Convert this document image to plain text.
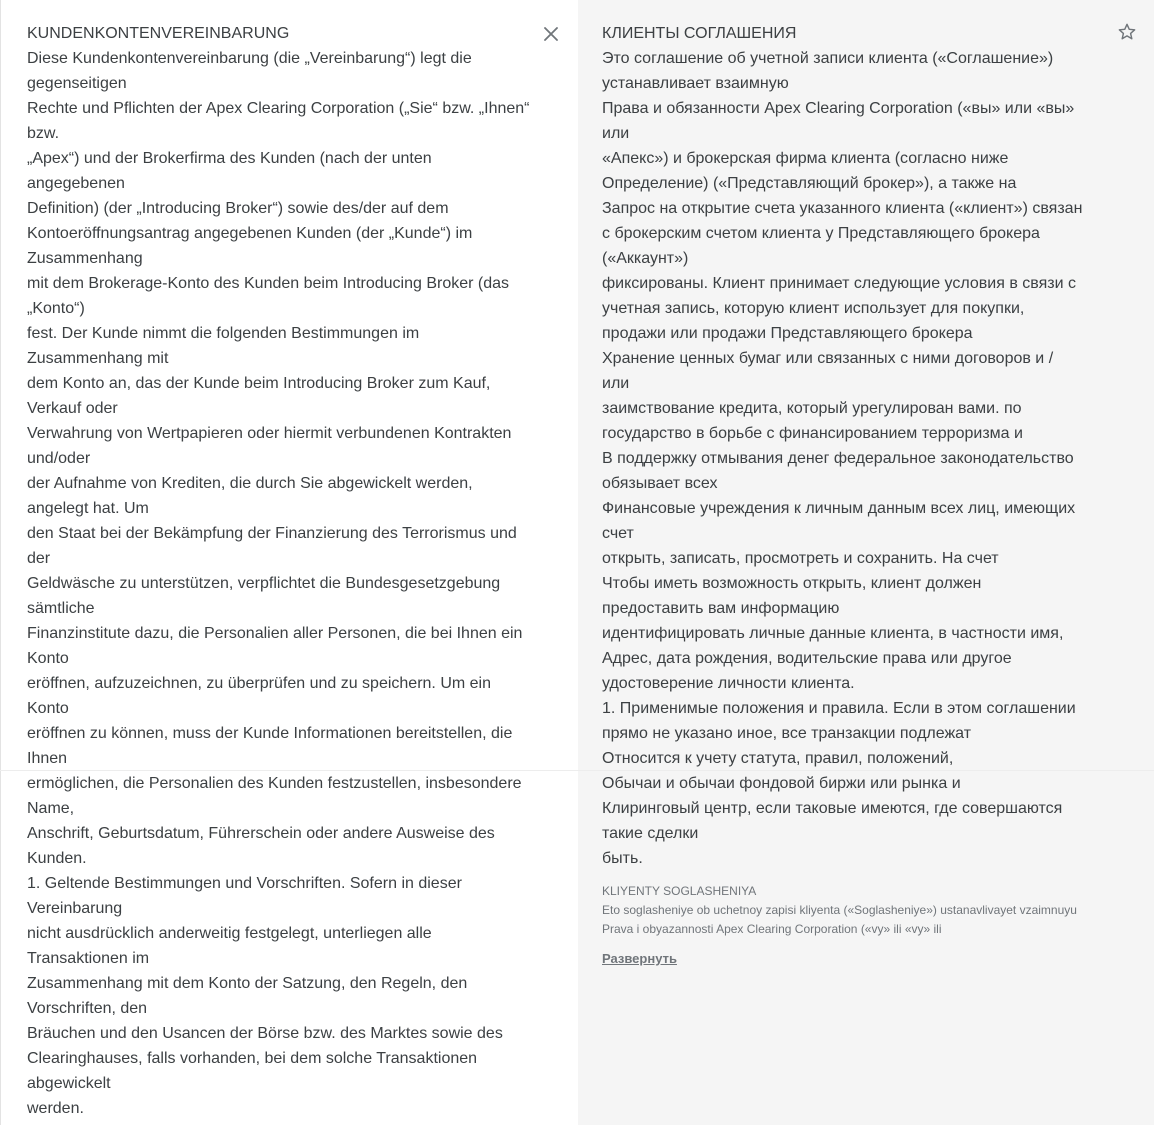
KUNDENKONTENVEREINBARUNG
Diese Kundenkontenvereinbarung (die „Vereinbarung“) legt die
gegenseitigen
Rechte und Pflichten der Apex Clearing Corporation („Sie“ bzw. „Ihnen“
bzw.
„Apex“) und der Brokerfirma des Kunden (nach der unten
angegebenen
Definition) (der „Introducing Broker“) sowie des/der auf dem
Kontoeröffnungsantrag angegebenen Kunden (der „Kunde“) im
Zusammenhang
mit dem Brokerage-Konto des Kunden beim Introducing Broker (das
„Konto“)
fest. Der Kunde nimmt die folgenden Bestimmungen im
Zusammenhang mit
dem Konto an, das der Kunde beim Introducing Broker zum Kauf,
Verkauf oder
Verwahrung von Wertpapieren oder hiermit verbundenen Kontrakten
und/oder
der Aufnahme von Krediten, die durch Sie abgewickelt werden,
angelegt hat. Um
den Staat bei der Bekämpfung der Finanzierung des Terrorismus und
der
Geldwäsche zu unterstützen, verpflichtet die Bundesgesetzgebung
sämtliche
Finanzinstitute dazu, die Personalien aller Personen, die bei Ihnen ein
Konto
eröffnen, aufzuzeichnen, zu überprüfen und zu speichern. Um ein
Konto
eröffnen zu können, muss der Kunde Informationen bereitstellen, die
Ihnen
ermöglichen, die Personalien des Kunden festzustellen, insbesondere
Name,
Anschrift, Geburtsdatum, Führerschein oder andere Ausweise des
Kunden.
1. Geltende Bestimmungen und Vorschriften. Sofern in dieser
Vereinbarung
nicht ausdrücklich anderweitig festgelegt, unterliegen alle
Transaktionen im
Zusammenhang mit dem Konto der Satzung, den Regeln, den
Vorschriften, den
Bräuchen und den Usancen der Börse bzw. des Marktes sowie des
Clearinghauses, falls vorhanden, bei dem solche Transaktionen
abgewickelt
werden.

КЛИЕНТЫ СОГЛАШЕНИЯ
Это соглашение об учетной записи клиента («Соглашение»)
устанавливает взаимную
Права и обязанности Apex Clearing Corporation («вы» или «вы»
или
«Апекс») и брокерская фирма клиента (согласно ниже
Определение) («Представляющий брокер»), а также на
Запрос на открытие счета указанного клиента («клиент») связан
с брокерским счетом клиента у Представляющего брокера
(«Аккаунт»)
фиксированы. Клиент принимает следующие условия в связи с
учетная запись, которую клиент использует для покупки,
продажи или продажи Представляющего брокера
Хранение ценных бумаг или связанных с ними договоров и /
или
заимствование кредита, который урегулирован вами. по
государство в борьбе с финансированием терроризма и
В поддержку отмывания денег федеральное законодательство
обязывает всех
Финансовые учреждения к личным данным всех лиц, имеющих
счет
открыть, записать, просмотреть и сохранить. На счет
Чтобы иметь возможность открыть, клиент должен
предоставить вам информацию
идентифицировать личные данные клиента, в частности имя,
Адрес, дата рождения, водительские права или другое
удостоверение личности клиента.
1. Применимые положения и правила. Если в этом соглашении
прямо не указано иное, все транзакции подлежат
Относится к учету статута, правил, положений,
Обычаи и обычаи фондовой биржи или рынка и
Клиринговый центр, если таковые имеются, где совершаются
такие сделки
быть.

KLIYENTY SOGLASHENIYA
Eto soglasheniye ob uchetnoy zapisi kliyenta («Soglasheniye») ustanavlivayet vzaimnuyu
Prava i obyazannosti Apex Clearing Corporation («vy» ili «vy» ili

Развернуть
